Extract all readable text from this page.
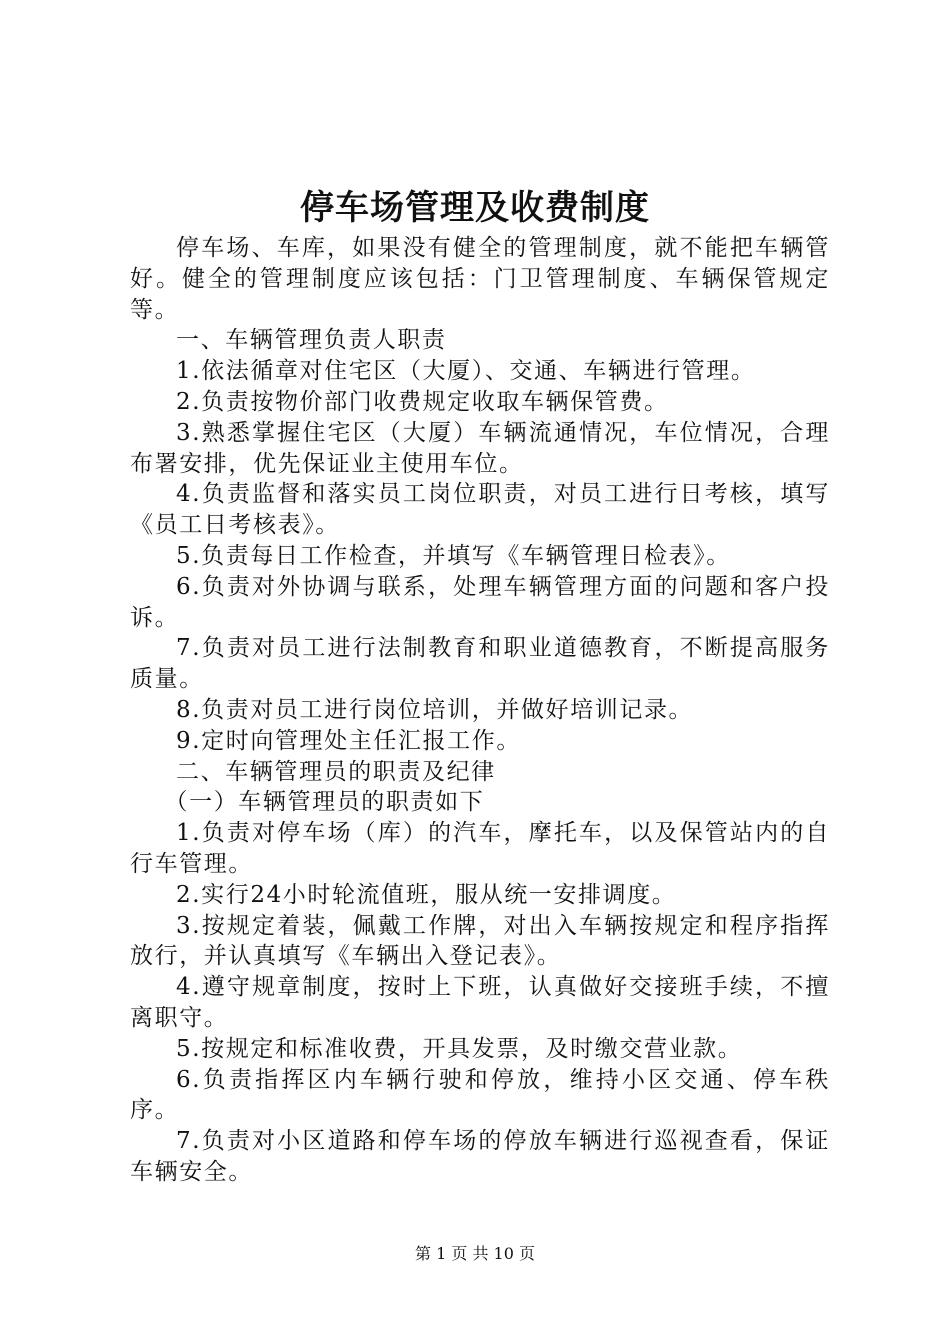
停车场管理及收费制度

停车场、车库，如果没有健全的管理制度，就不能把车辆管好。健全的管理制度应该包括：门卫管理制度、车辆保管规定等。

一、车辆管理负责人职责

1.依法循章对住宅区（大厦）、交通、车辆进行管理。

2.负责按物价部门收费规定收取车辆保管费。

3.熟悉掌握住宅区（大厦）车辆流通情况，车位情况，合理布署安排，优先保证业主使用车位。

4.负责监督和落实员工岗位职责，对员工进行日考核，填写《员工日考核表》。

5.负责每日工作检查，并填写《车辆管理日检表》。

6.负责对外协调与联系，处理车辆管理方面的问题和客户投诉。

7.负责对员工进行法制教育和职业道德教育，不断提高服务质量。

8.负责对员工进行岗位培训，并做好培训记录。

9.定时向管理处主任汇报工作。

二、车辆管理员的职责及纪律

（一）车辆管理员的职责如下

1.负责对停车场（库）的汽车，摩托车，以及保管站内的自行车管理。

2.实行24小时轮流值班，服从统一安排调度。

3.按规定着装，佩戴工作牌，对出入车辆按规定和程序指挥放行，并认真填写《车辆出入登记表》。

4.遵守规章制度，按时上下班，认真做好交接班手续，不擅离职守。

5.按规定和标准收费，开具发票，及时缴交营业款。

6.负责指挥区内车辆行驶和停放，维持小区交通、停车秩序。

7.负责对小区道路和停车场的停放车辆进行巡视查看，保证车辆安全。

第 1 页 共 10 页
